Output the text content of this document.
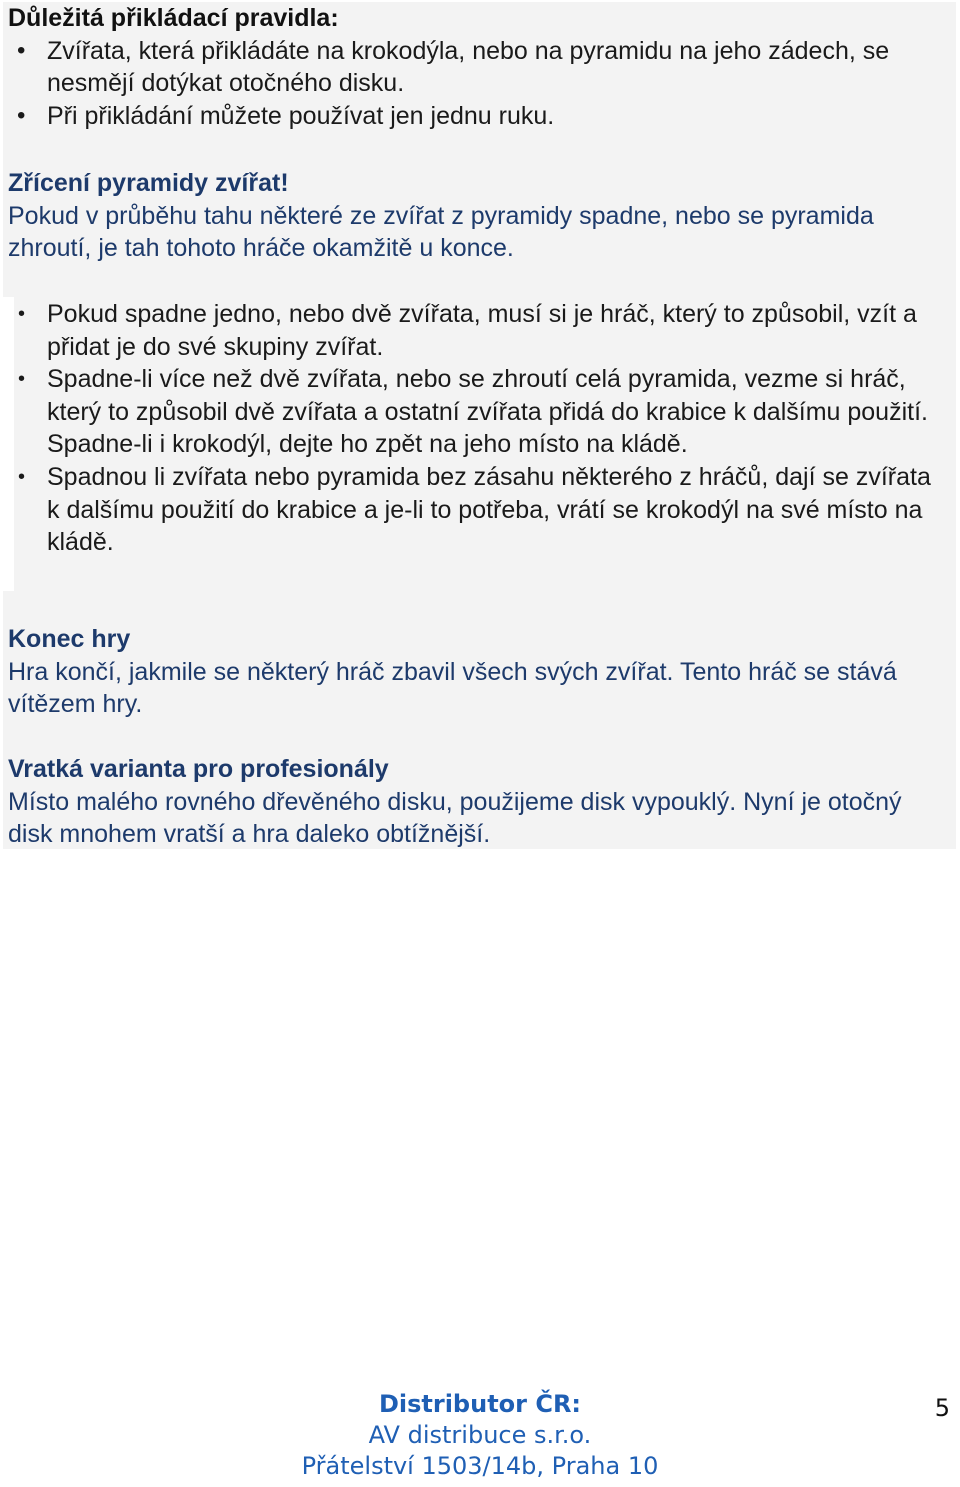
Důležitá přikládací pravidla:
• Zvířata, která přikládáte na krokodýla, nebo na pyramidu na jeho zádech, se nesmějí dotýkat otočného disku.
• Při přikládání můžete používat jen jednu ruku.
Zřícení pyramidy zvířat!

Pokud v průběhu tahu některé ze zvířat z pyramidy spadne, nebo se pyramida zhroutí, je tah tohoto hráče okamžitě u konce.

• Pokud spadne jedno, nebo dvě zvířata, musí si je hráč, který to způsobil, vzít a přidat je do své skupiny zvířat.
• Spadne-li více než dvě zvířata, nebo se zhroutí celá pyramida, vezme si hráč, který to způsobil dvě zvířata a ostatní zvířata přidá do krabice k dalšímu použití. Spadne-li i krokodýl, dejte ho zpět na jeho místo na kládě.
• Spadnou li zvířata nebo pyramida bez zásahu některého z hráčů, dají se zvířata k dalšímu použití do krabice a je-li to potřeba, vrátí se krokodýl na své místo na kládě.
Konec hry

Hra končí, jakmile se některý hráč zbavil všech svých zvířat. Tento hráč se stává vítězem hry.

Vratká varianta pro profesionály

Místo malého rovného dřevěného disku, použijeme disk vypouklý. Nyní je otočný disk mnohem vratší a hra daleko obtížnější.

Distributor ČR:
AV distribuce s.r.o.
Přátelství 1503/14b, Praha 10
5
